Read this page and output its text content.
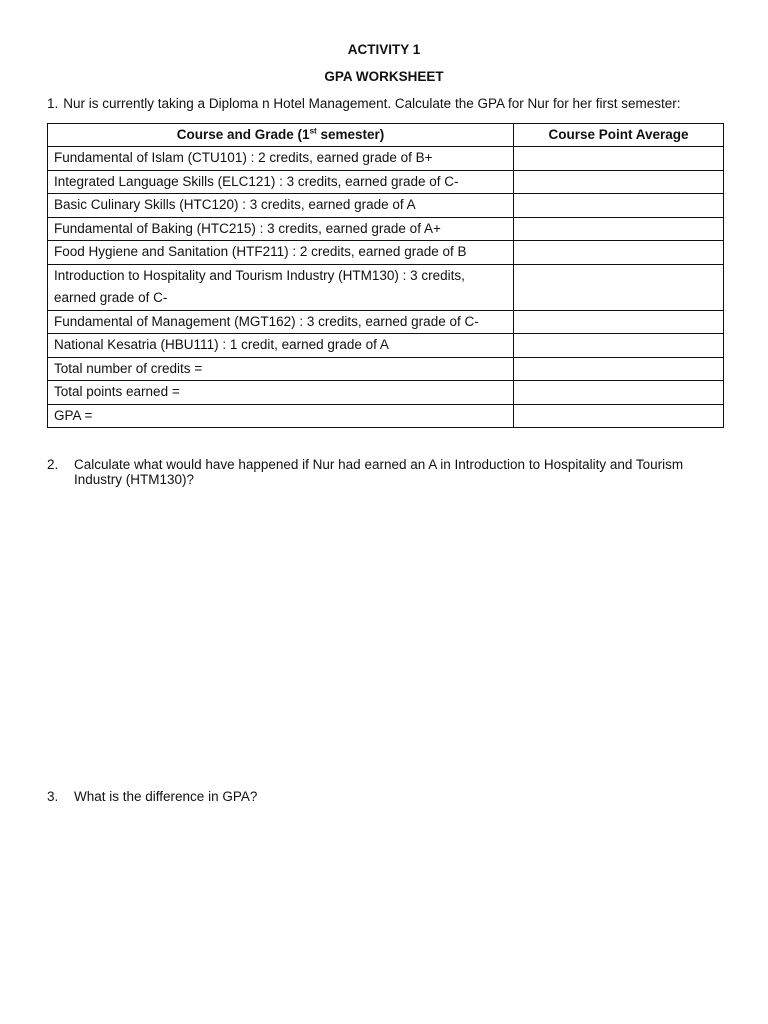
ACTIVITY 1

GPA WORKSHEET

1. Nur is currently taking a Diploma n Hotel Management. Calculate the GPA for Nur for her first semester:

Course and Grade (1st semester)	Course Point Average
Fundamental of Islam (CTU101) : 2 credits, earned grade of B+	
Integrated Language Skills (ELC121) : 3 credits, earned grade of C-	
Basic Culinary Skills (HTC120) : 3 credits, earned grade of A	
Fundamental of Baking (HTC215) : 3 credits, earned grade of A+	
Food Hygiene and Sanitation (HTF211) : 2 credits, earned grade of B	
Introduction to Hospitality and Tourism Industry (HTM130) : 3 credits, earned grade of C-	
Fundamental of Management (MGT162) : 3 credits, earned grade of C-	
National Kesatria (HBU111) : 1 credit, earned grade of A	
Total number of credits =	
Total points earned =	
GPA =	
2. Calculate what would have happened if Nur had earned an A in Introduction to Hospitality and Tourism Industry (HTM130)?
3. What is the difference in GPA?
